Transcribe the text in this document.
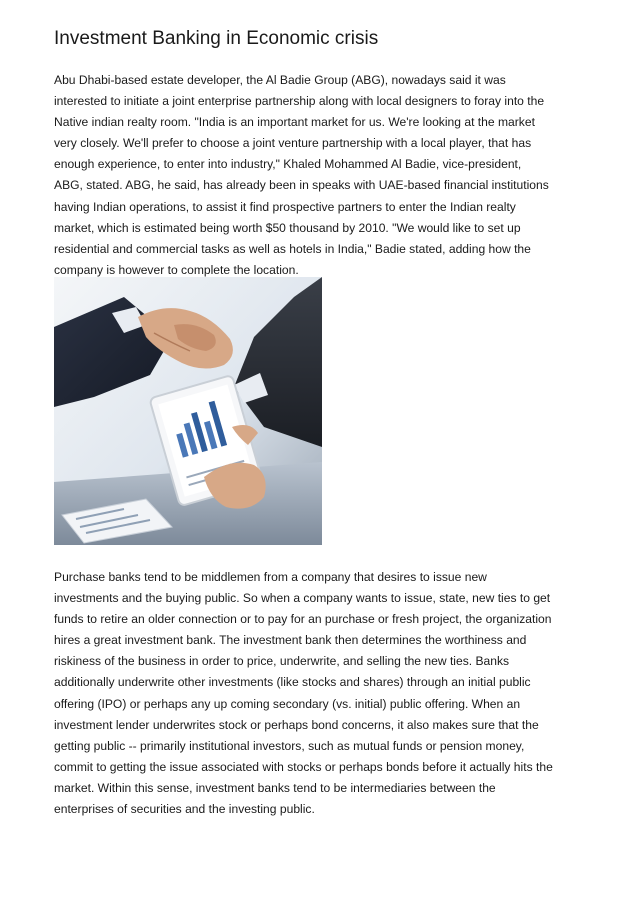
Investment Banking in Economic crisis

Abu Dhabi-based estate developer, the Al Badie Group (ABG), nowadays said it was
interested to initiate a joint enterprise partnership along with local designers to foray into the
Native indian realty room. "India is an important market for us. We're looking at the market
very closely. We'll prefer to choose a joint venture partnership with a local player, that has
enough experience, to enter into industry," Khaled Mohammed Al Badie, vice-president,
ABG, stated. ABG, he said, has already been in speaks with UAE-based financial institutions
having Indian operations, to assist it find prospective partners to enter the Indian realty
market, which is estimated being worth $50 thousand by 2010. "We would like to set up
residential and commercial tasks as well as hotels in India," Badie stated, adding how the
company is however to complete the location.

Purchase banks tend to be middlemen from a company that desires to issue new
investments and the buying public. So when a company wants to issue, state, new ties to get
funds to retire an older connection or to pay for an purchase or fresh project, the organization
hires a great investment bank. The investment bank then determines the worthiness and
riskiness of the business in order to price, underwrite, and selling the new ties. Banks
additionally underwrite other investments (like stocks and shares) through an initial public
offering (IPO) or perhaps any up coming secondary (vs. initial) public offering. When an
investment lender underwrites stock or perhaps bond concerns, it also makes sure that the
getting public -- primarily institutional investors, such as mutual funds or pension money,
commit to getting the issue associated with stocks or perhaps bonds before it actually hits the
market. Within this sense, investment banks tend to be intermediaries between the
enterprises of securities and the investing public.
